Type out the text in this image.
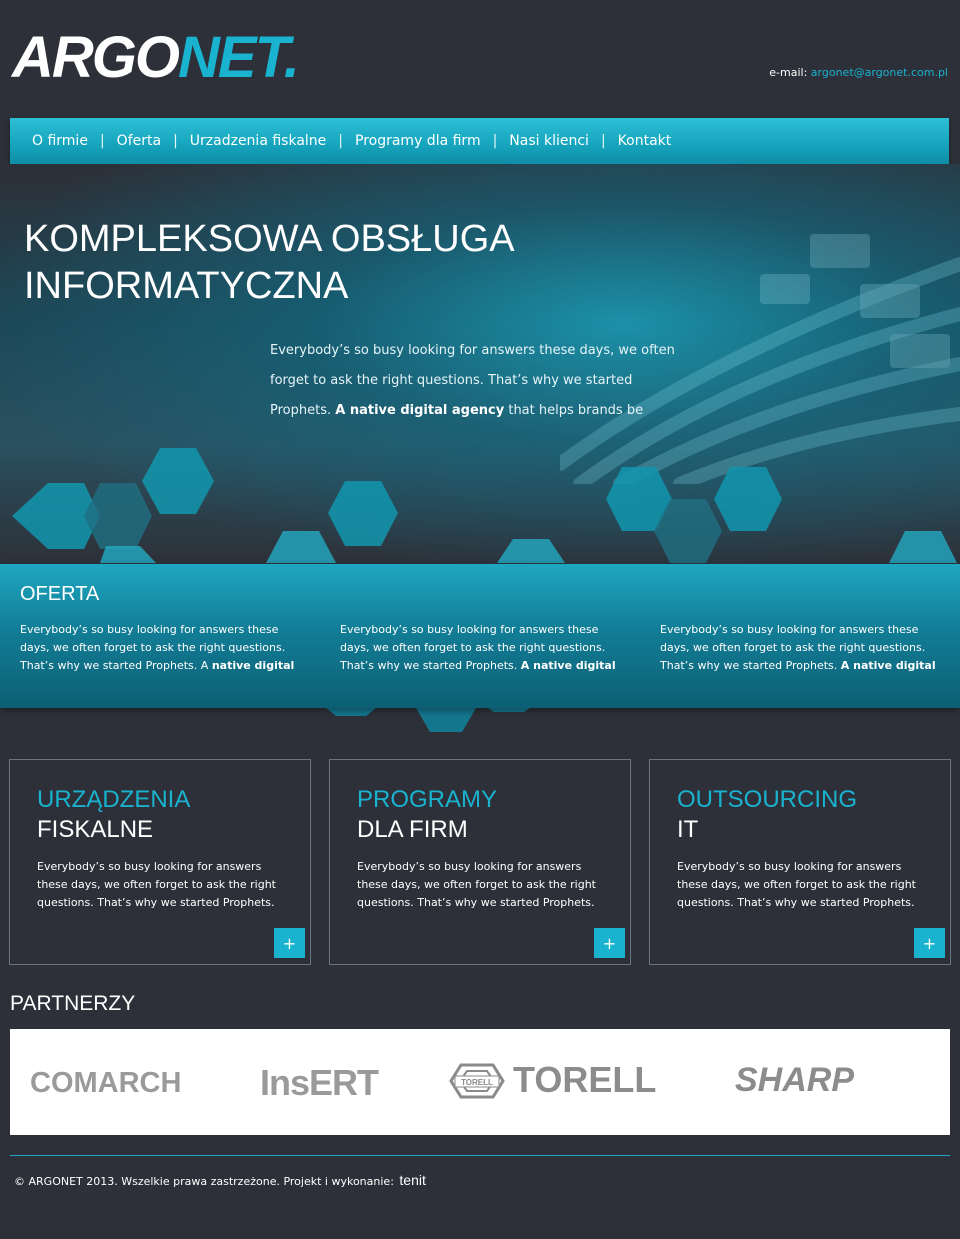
ARGONET.	e-mail: argonet@argonet.com.pl
O firmie | Oferta | Urzadzenia fiskalne | Programy dla firm | Nasi klienci | Kontakt
KOMPLEKSOWA OBSŁUGA
INFORMATYCZNA
Everybody’s so busy looking for answers these days, we often
forget to ask the right questions. That’s why we started
Prophets. A native digital agency that helps brands be
OFERTA
Everybody’s so busy looking for answers these
days, we often forget to ask the right questions.
That’s why we started Prophets. A native digital
Everybody’s so busy looking for answers these
days, we often forget to ask the right questions.
That’s why we started Prophets. A native digital
Everybody’s so busy looking for answers these
days, we often forget to ask the right questions.
That’s why we started Prophets. A native digital
URZĄDZENIA
FISKALNE
Everybody’s so busy looking for answers
these days, we often forget to ask the right
questions. That’s why we started Prophets.
+
PROGRAMY
DLA FIRM
Everybody’s so busy looking for answers
these days, we often forget to ask the right
questions. That’s why we started Prophets.
+
OUTSOURCING
IT
Everybody’s so busy looking for answers
these days, we often forget to ask the right
questions. That’s why we started Prophets.
+
PARTNERZY
COMARCH InsERT	TORELL TORELL SHARP
© ARGONET 2013. Wszelkie prawa zastrzeżone. Projekt i wykonanie: tenit
